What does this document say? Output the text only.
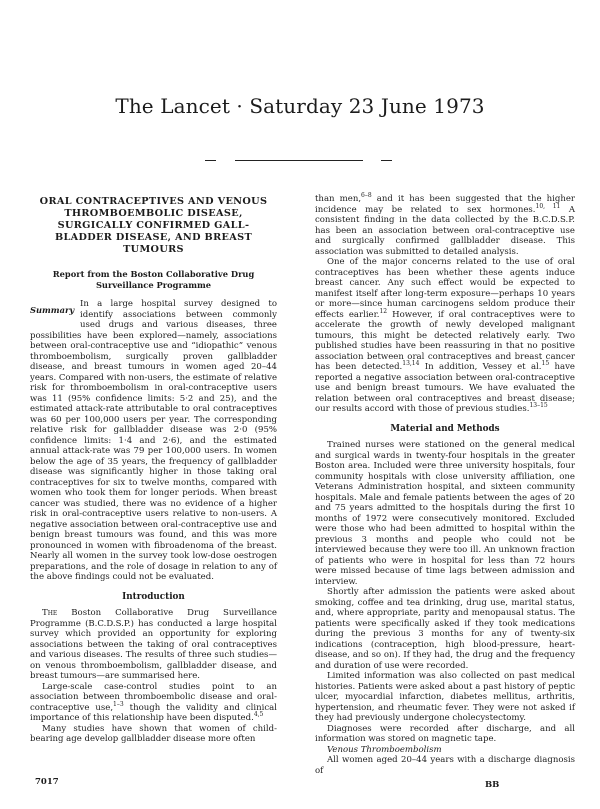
The Lancet · Saturday 23 June 1973
ORAL CONTRACEPTIVES AND VENOUS THROMBOEMBOLIC DISEASE, SURGICALLY CONFIRMED GALL-BLADDER DISEASE, AND BREAST TUMOURS
Report from the Boston Collaborative Drug
Surveillance Programme
Summary

In a large hospital survey designed to identify associations between commonly used drugs and various diseases, three possibilities have been explored—namely, associations between oral-contraceptive use and “idiopathic” venous thromboembolism, surgically proven gallbladder disease, and breast tumours in women aged 20–44 years. Compared with non-users, the estimate of relative risk for thromboembolism in oral-contraceptive users was 11 (95% confidence limits: 5·2 and 25), and the estimated attack-rate attributable to oral contraceptives was 60 per 100,000 users per year. The corresponding relative risk for gallbladder disease was 2·0 (95% confidence limits: 1·4 and 2·6), and the estimated annual attack-rate was 79 per 100,000 users. In women below the age of 35 years, the frequency of gallbladder disease was significantly higher in those taking oral contraceptives for six to twelve months, compared with women who took them for longer periods. When breast cancer was studied, there was no evidence of a higher risk in oral-contraceptive users relative to non-users. A negative association between oral-contraceptive use and benign breast tumours was found, and this was more pronounced in women with fibroadenoma of the breast. Nearly all women in the survey took low-dose oestrogen preparations, and the role of dosage in relation to any of the above findings could not be evaluated.

Introduction

The Boston Collaborative Drug Surveillance Programme (B.C.D.S.P.) has conducted a large hospital survey which provided an opportunity for exploring associations between the taking of oral contraceptives and various diseases. The results of three such studies—on venous thromboembolism, gallbladder disease, and breast tumours—are summarised here.

Large-scale case-control studies point to an association between thromboembolic disease and oral-contraceptive use,$^{1-3}$ though the validity and clinical importance of this relationship have been disputed.$^{4,5}$

Many studies have shown that women of child-bearing age develop gallbladder disease more often

than men,$^{6-8}$ and it has been suggested that the higher incidence may be related to sex hormones.$^{10, 11}$ A consistent finding in the data collected by the B.C.D.S.P. has been an association between oral-contraceptive use and surgically confirmed gallbladder disease. This association was submitted to detailed analysis.

One of the major concerns related to the use of oral contraceptives has been whether these agents induce breast cancer. Any such effect would be expected to manifest itself after long-term exposure—perhaps 10 years or more—since human carcinogens seldom produce their effects earlier.$^{12}$ However, if oral contraceptives were to accelerate the growth of newly developed malignant tumours, this might be detected relatively early. Two published studies have been reassuring in that no positive association between oral contraceptives and breast cancer has been detected.$^{13,14}$ In addition, Vessey et al.$^{15}$ have reported a negative association between oral-contraceptive use and benign breast tumours. We have evaluated the relation between oral contraceptives and breast disease; our results accord with those of previous studies.$^{13-15}$

Material and Methods

Trained nurses were stationed on the general medical and surgical wards in twenty-four hospitals in the greater Boston area. Included were three university hospitals, four community hospitals with close university affiliation, one Veterans Administration hospital, and sixteen community hospitals. Male and female patients between the ages of 20 and 75 years admitted to the hospitals during the first 10 months of 1972 were consecutively monitored. Excluded were those who had been admitted to hospital within the previous 3 months and people who could not be interviewed because they were too ill. An unknown fraction of patients who were in hospital for less than 72 hours were missed because of time lags between admission and interview.

Shortly after admission the patients were asked about smoking, coffee and tea drinking, drug use, marital status, and, where appropriate, parity and menopausal status. The patients were specifically asked if they took medications during the previous 3 months for any of twenty-six indications (contraception, high blood-pressure, heart-disease, and so on). If they had, the drug and the frequency and duration of use were recorded.

Limited information was also collected on past medical histories. Patients were asked about a past history of peptic ulcer, myocardial infarction, diabetes mellitus, arthritis, hypertension, and rheumatic fever. They were not asked if they had previously undergone cholecystectomy.

Diagnoses were recorded after discharge, and all information was stored on magnetic tape.

Venous Thromboembolism

All women aged 20–44 years with a discharge diagnosis of

7017	BB
